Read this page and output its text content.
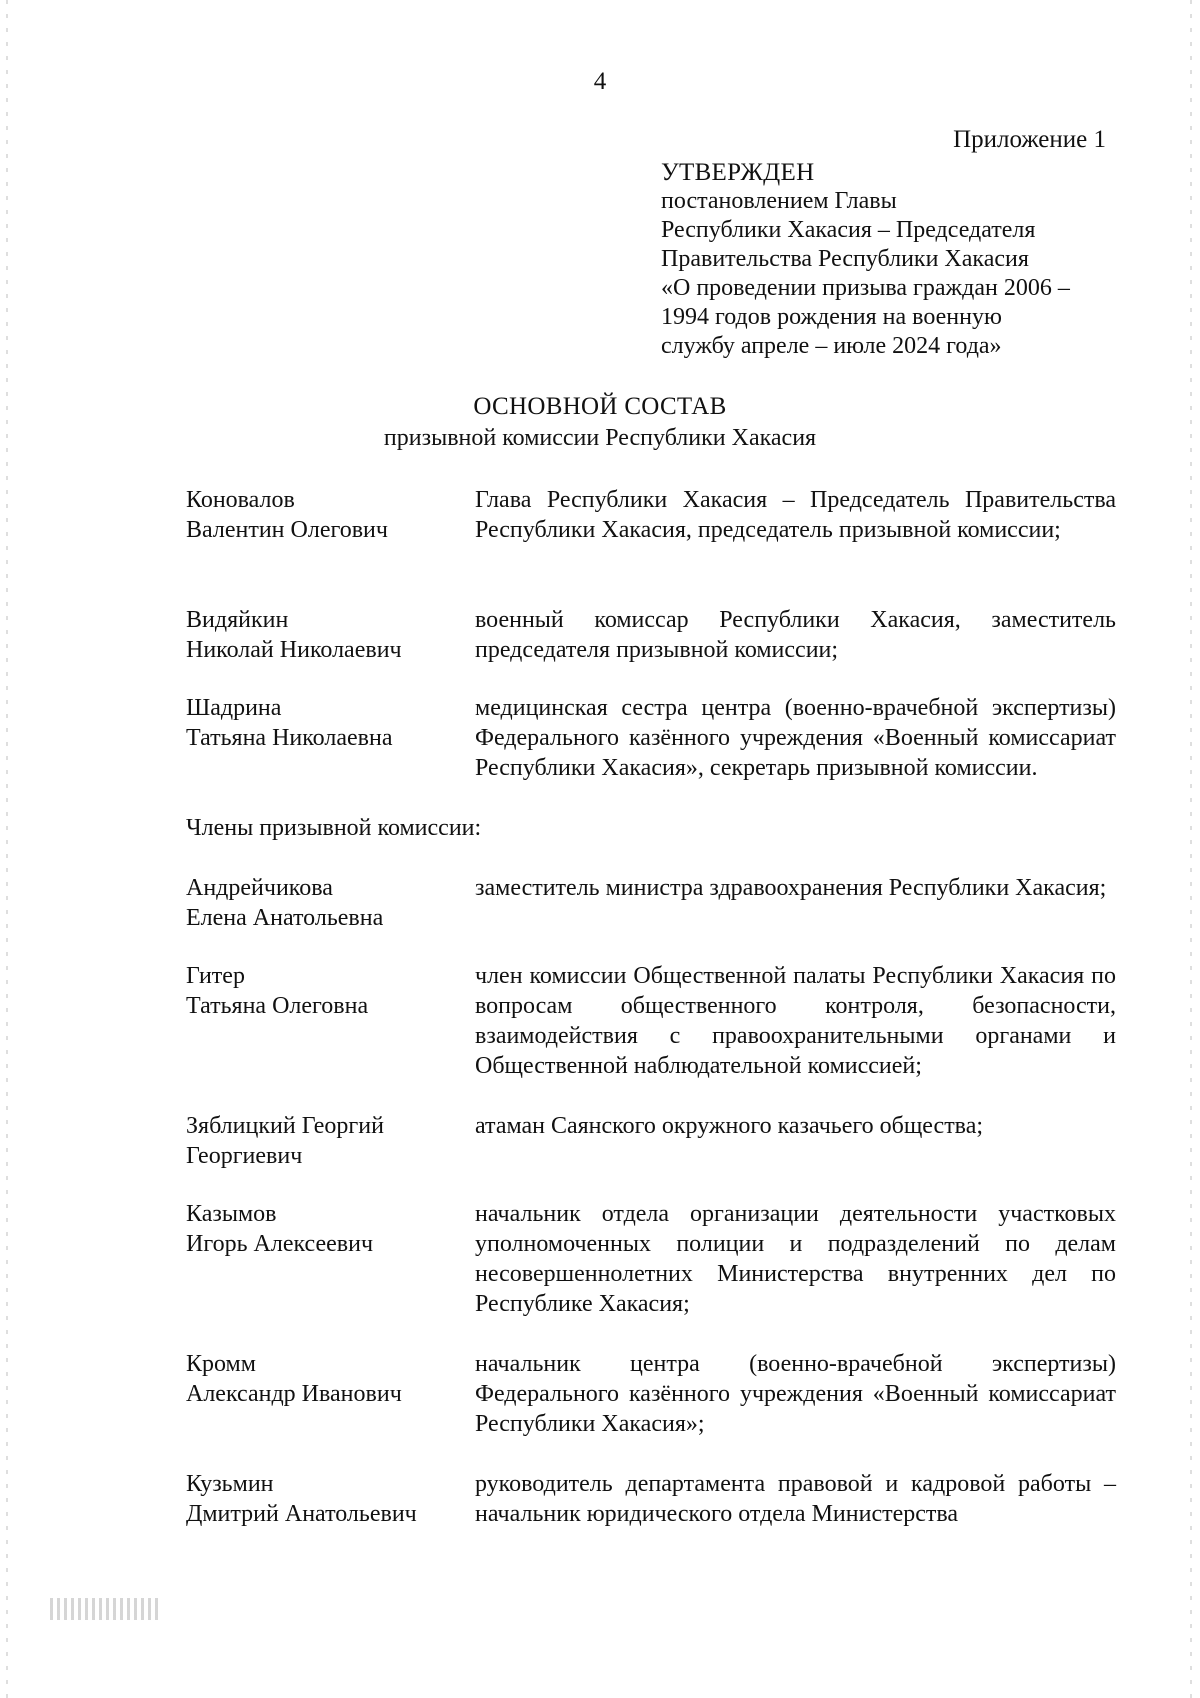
4
Приложение 1
УТВЕРЖДЕН
постановлением Главы
Республики Хакасия – Председателя
Правительства Республики Хакасия
«О проведении призыва граждан 2006 –
1994 годов рождения на военную
службу апреле – июле 2024 года»
ОСНОВНОЙ СОСТАВ
призывной комиссии Республики Хакасия
Коновалов
Валентин Олегович
Глава Республики Хакасия – Председатель Правительства Республики Хакасия, председатель призывной комиссии;
Видяйкин
Николай Николаевич
военный комиссар Республики Хакасия, заместитель председателя призывной комиссии;
Шадрина
Татьяна Николаевна
медицинская сестра центра (военно-врачебной экспертизы) Федерального казённого учреждения «Военный комиссариат Республики Хакасия», секретарь призывной комиссии.
Члены призывной комиссии:
Андрейчикова
Елена Анатольевна
заместитель министра здравоохранения Республики Хакасия;
Гитер
Татьяна Олеговна
член комиссии Общественной палаты Республики Хакасия по вопросам общественного контроля, безопасности, взаимодействия с правоохранительными органами и Общественной наблюдательной комиссией;
Зяблицкий Георгий
Георгиевич
атаман Саянского окружного казачьего общества;
Казымов
Игорь Алексеевич
начальник отдела организации деятельности участковых уполномоченных полиции и подразделений по делам несовершеннолетних Министерства внутренних дел по Республике Хакасия;
Кромм
Александр Иванович
начальник центра (военно-врачебной экспертизы) Федерального казённого учреждения «Военный комиссариат Республики Хакасия»;
Кузьмин
Дмитрий Анатольевич
руководитель департамента правовой и кадровой работы – начальник юридического отдела Министерства
